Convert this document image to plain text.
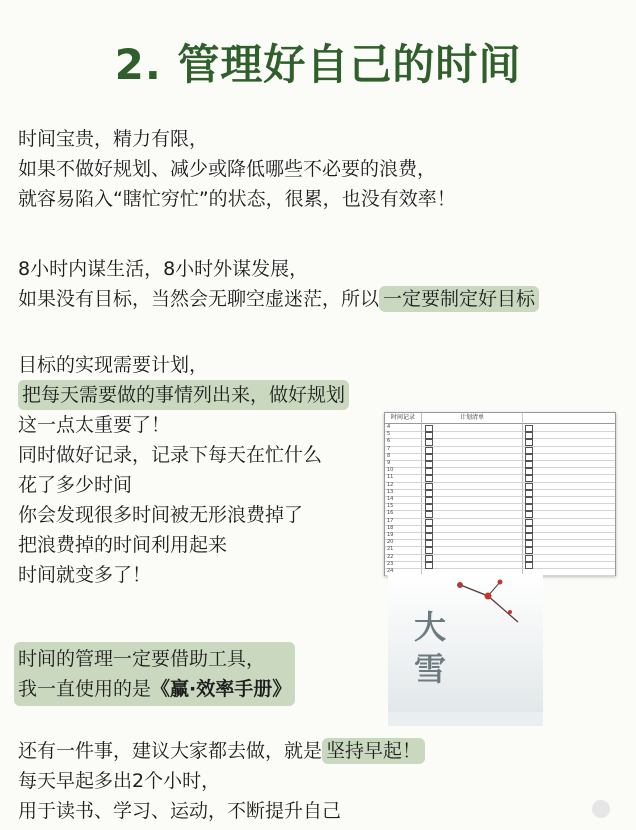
2. 管理好自己的时间
时间宝贵，精力有限，
如果不做好规划、减少或降低哪些不必要的浪费，
就容易陷入“瞎忙穷忙”的状态，很累，也没有效率！
8小时内谋生活，8小时外谋发展，
如果没有目标，当然会无聊空虚迷茫，所以 一定要制定好目标
目标的实现需要计划，
把每天需要做的事情列出来，做好规划
这一点太重要了！
同时做好记录，记录下每天在忙什么
花了多少时间
你会发现很多时间被无形浪费掉了
把浪费掉的时间利用起来
时间就变多了！
时间的管理一定要借助工具，
我一直使用的是《赢·效率手册》
还有一件事，建议大家都去做，就是 坚持早起！
每天早起多出2个小时，
用于读书、学习、运动，不断提升自己
时间记录	计划清单
4
5
6
7
8
9
10
11
12
13
14
15
16
17
18
19
20
21
22
23
24
大
雪
